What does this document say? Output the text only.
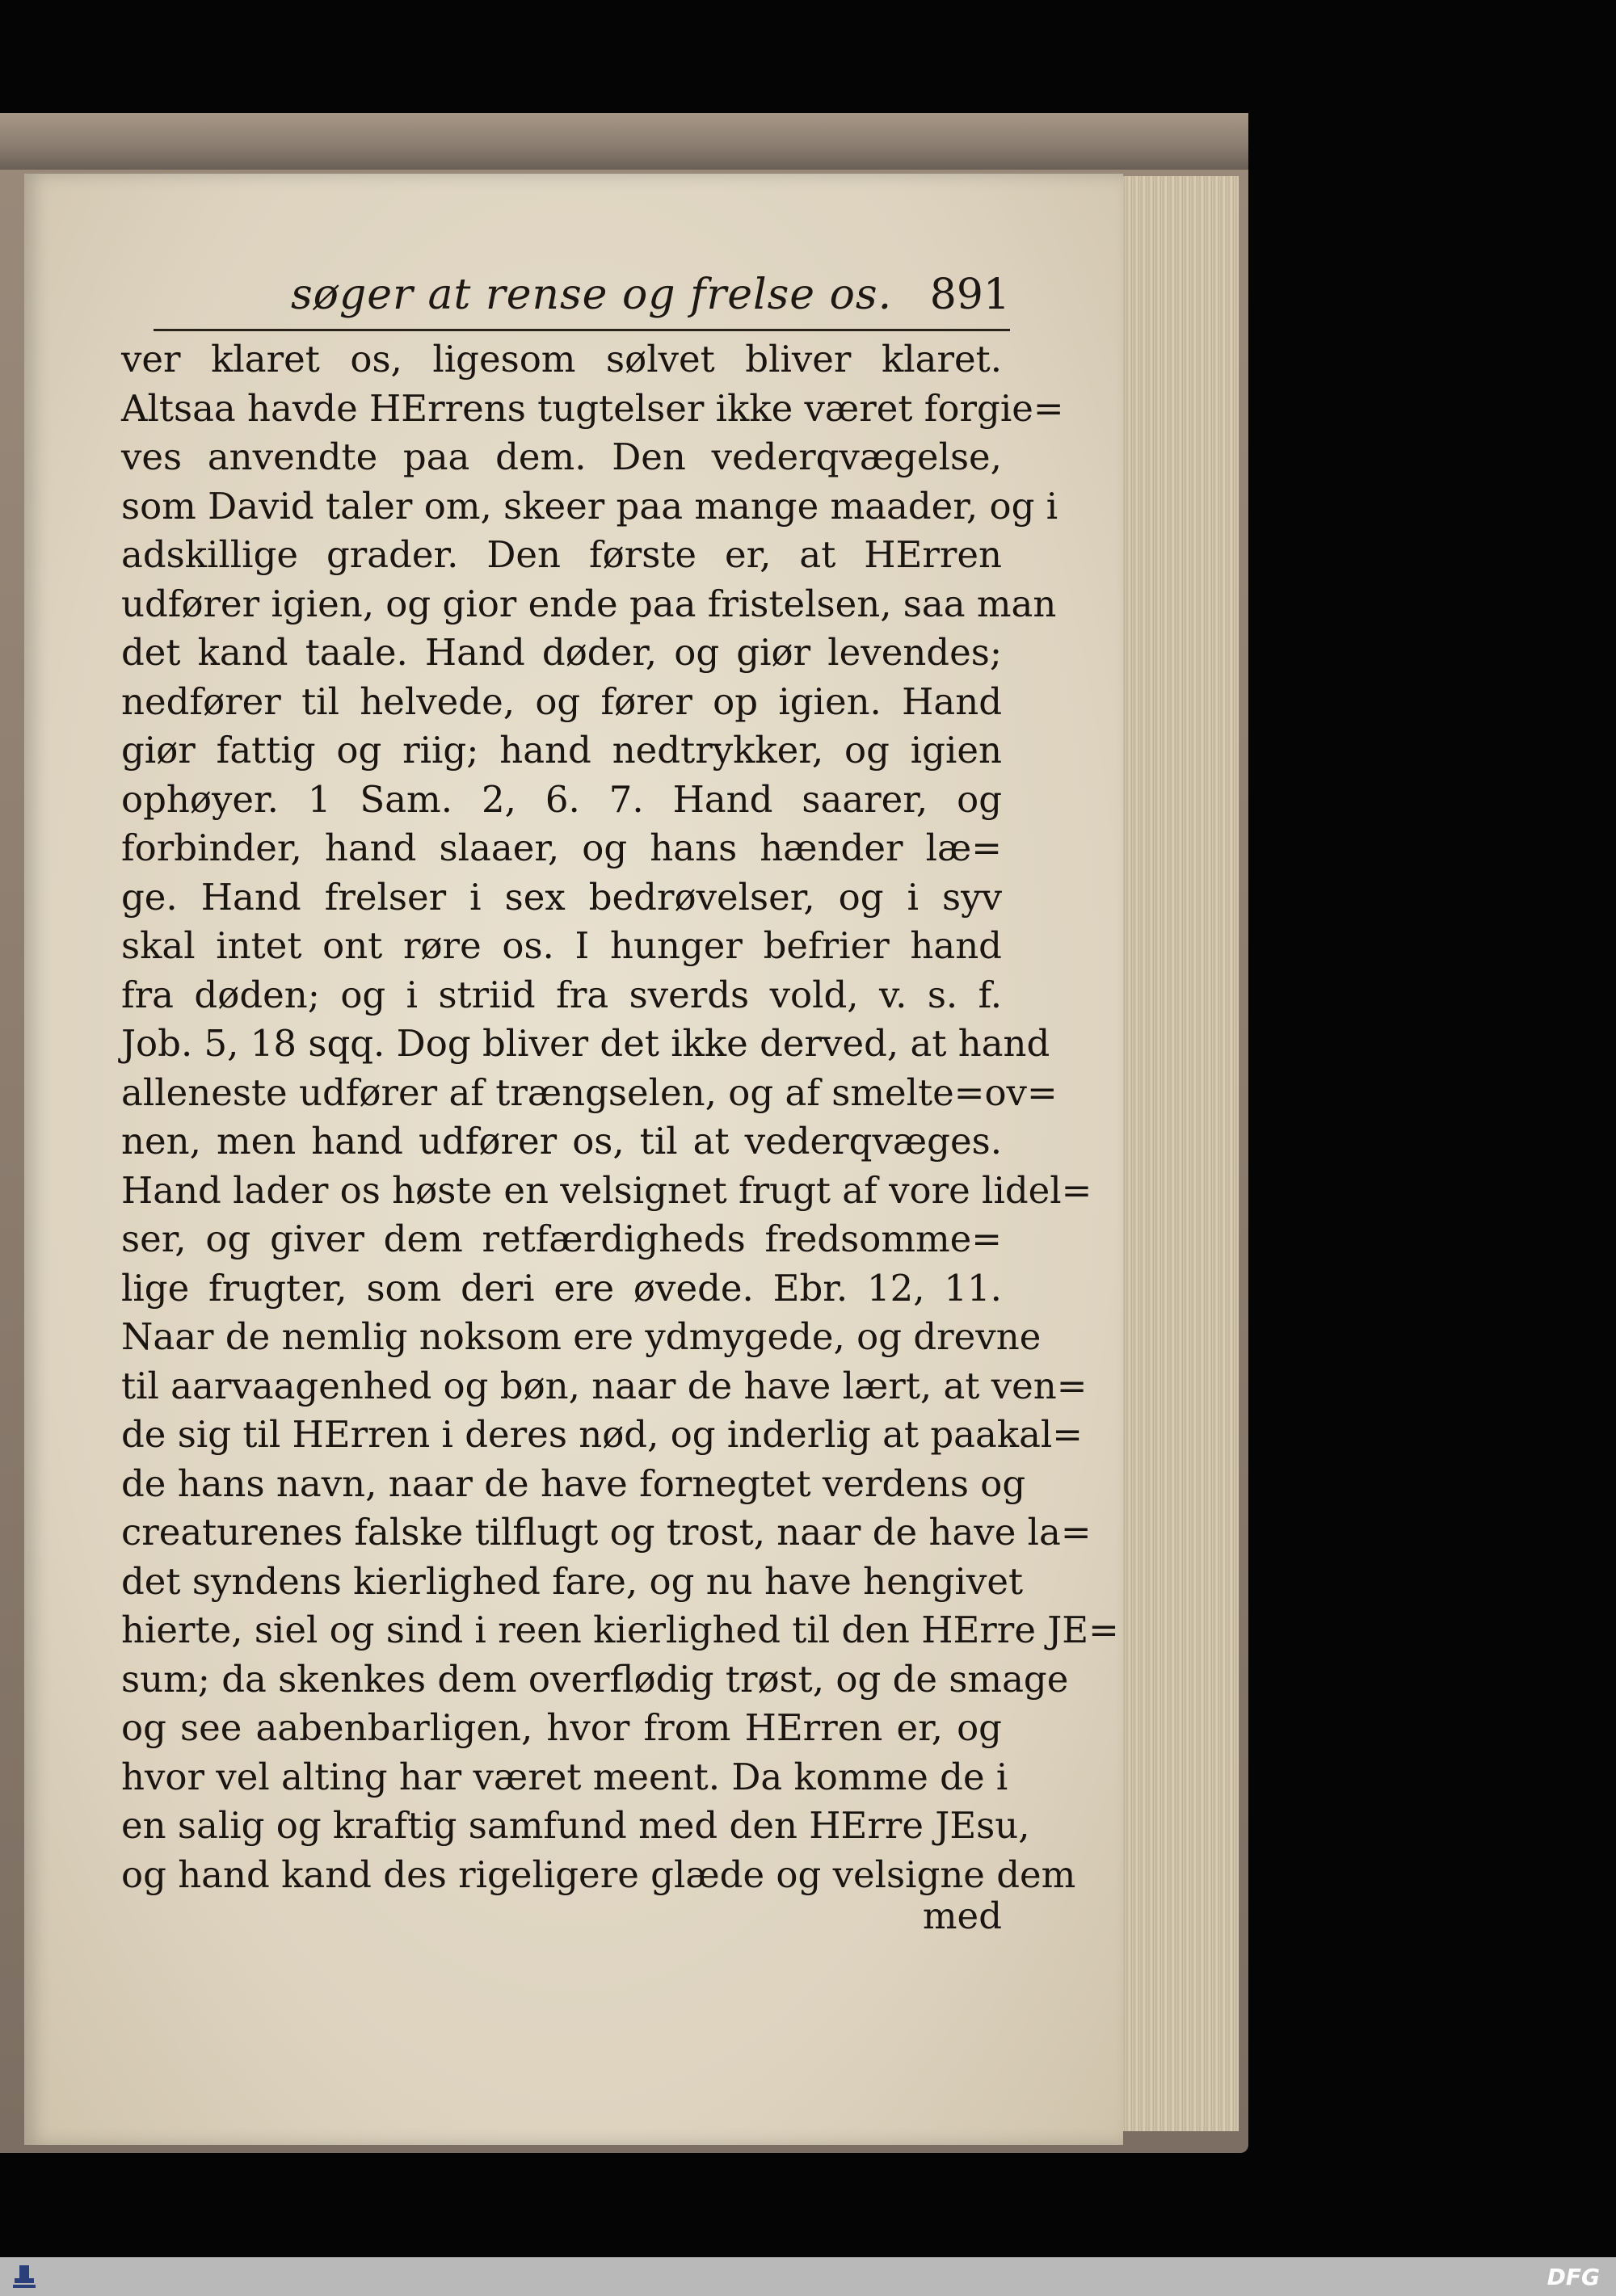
søger at rense og frelse os. 891
ver klaret os, ligesom sølvet bliver klaret.
Altsaa havde HErrens tugtelser ikke været forgie=
ves anvendte paa dem. Den vederqvægelse,
som David taler om, skeer paa mange maader, og i
adskillige grader. Den første er, at HErren
udfører igien, og gior ende paa fristelsen, saa man
det kand taale. Hand døder, og giør levendes;
nedfører til helvede, og fører op igien. Hand
giør fattig og riig; hand nedtrykker, og igien
ophøyer. 1 Sam. 2, 6. 7. Hand saarer, og
forbinder, hand slaaer, og hans hænder læ=
ge. Hand frelser i sex bedrøvelser, og i syv
skal intet ont røre os. I hunger befrier hand
fra døden; og i striid fra sverds vold, v. s. f.
Job. 5, 18 sqq. Dog bliver det ikke derved, at hand
alleneste udfører af trængselen, og af smelte=ov=
nen, men hand udfører os, til at vederqvæges.
Hand lader os høste en velsignet frugt af vore lidel=
ser, og giver dem retfærdigheds fredsomme=
lige frugter, som deri ere øvede. Ebr. 12, 11.
Naar de nemlig noksom ere ydmygede, og drevne
til aarvaagenhed og bøn, naar de have lært, at ven=
de sig til HErren i deres nød, og inderlig at paakal=
de hans navn, naar de have fornegtet verdens og
creaturenes falske tilflugt og trost, naar de have la=
det syndens kierlighed fare, og nu have hengivet
hierte, siel og sind i reen kierlighed til den HErre JE=
sum; da skenkes dem overflødig trøst, og de smage
og see aabenbarligen, hvor from HErren er, og
hvor vel alting har været meent. Da komme de i
en salig og kraftig samfund med den HErre JEsu,
og hand kand des rigeligere glæde og velsigne dem
med
DFG
